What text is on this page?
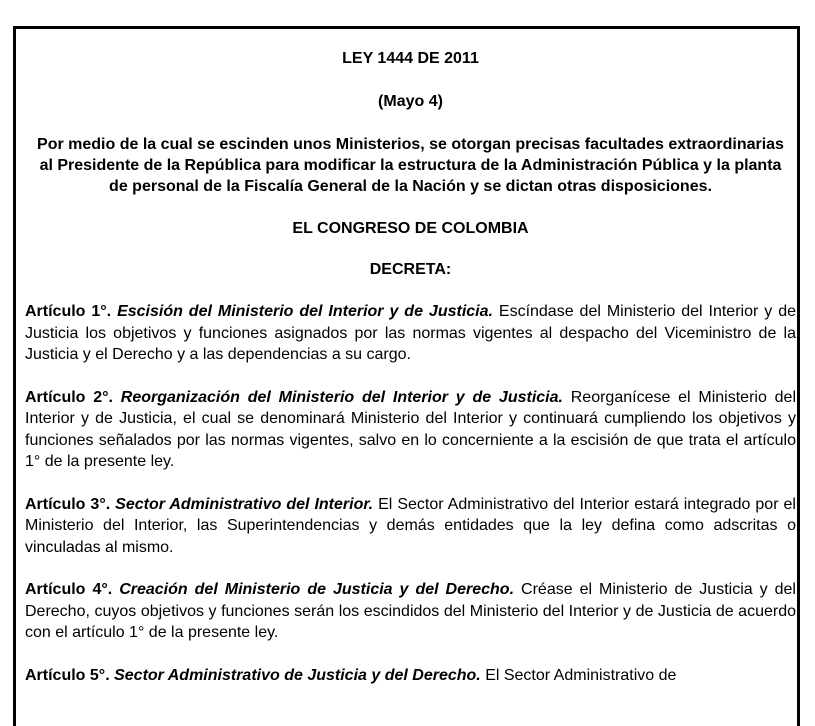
LEY 1444 DE 2011

(Mayo 4)

Por medio de la cual se escinden unos Ministerios, se otorgan precisas facultades extraordinarias al Presidente de la República para modificar la estructura de la Administración Pública y la planta de personal de la Fiscalía General de la Nación y se dictan otras disposiciones.

EL CONGRESO DE COLOMBIA

DECRETA:

Artículo 1°. Escisión del Ministerio del Interior y de Justicia. Escíndase del Ministerio del Interior y de Justicia los objetivos y funciones asignados por las normas vigentes al despacho del Viceministro de la Justicia y el Derecho y a las dependencias a su cargo.

Artículo 2°. Reorganización del Ministerio del Interior y de Justicia. Reorganícese el Ministerio del Interior y de Justicia, el cual se denominará Ministerio del Interior y continuará cumpliendo los objetivos y funciones señalados por las normas vigentes, salvo en lo concerniente a la escisión de que trata el artículo 1° de la presente ley.

Artículo 3°. Sector Administrativo del Interior. El Sector Administrativo del Interior estará integrado por el Ministerio del Interior, las Superintendencias y demás entidades que la ley defina como adscritas o vinculadas al mismo.

Artículo 4°. Creación del Ministerio de Justicia y del Derecho. Créase el Ministerio de Justicia y del Derecho, cuyos objetivos y funciones serán los escindidos del Ministerio del Interior y de Justicia de acuerdo con el artículo 1° de la presente ley.

Artículo 5°. Sector Administrativo de Justicia y del Derecho. El Sector Administrativo de
